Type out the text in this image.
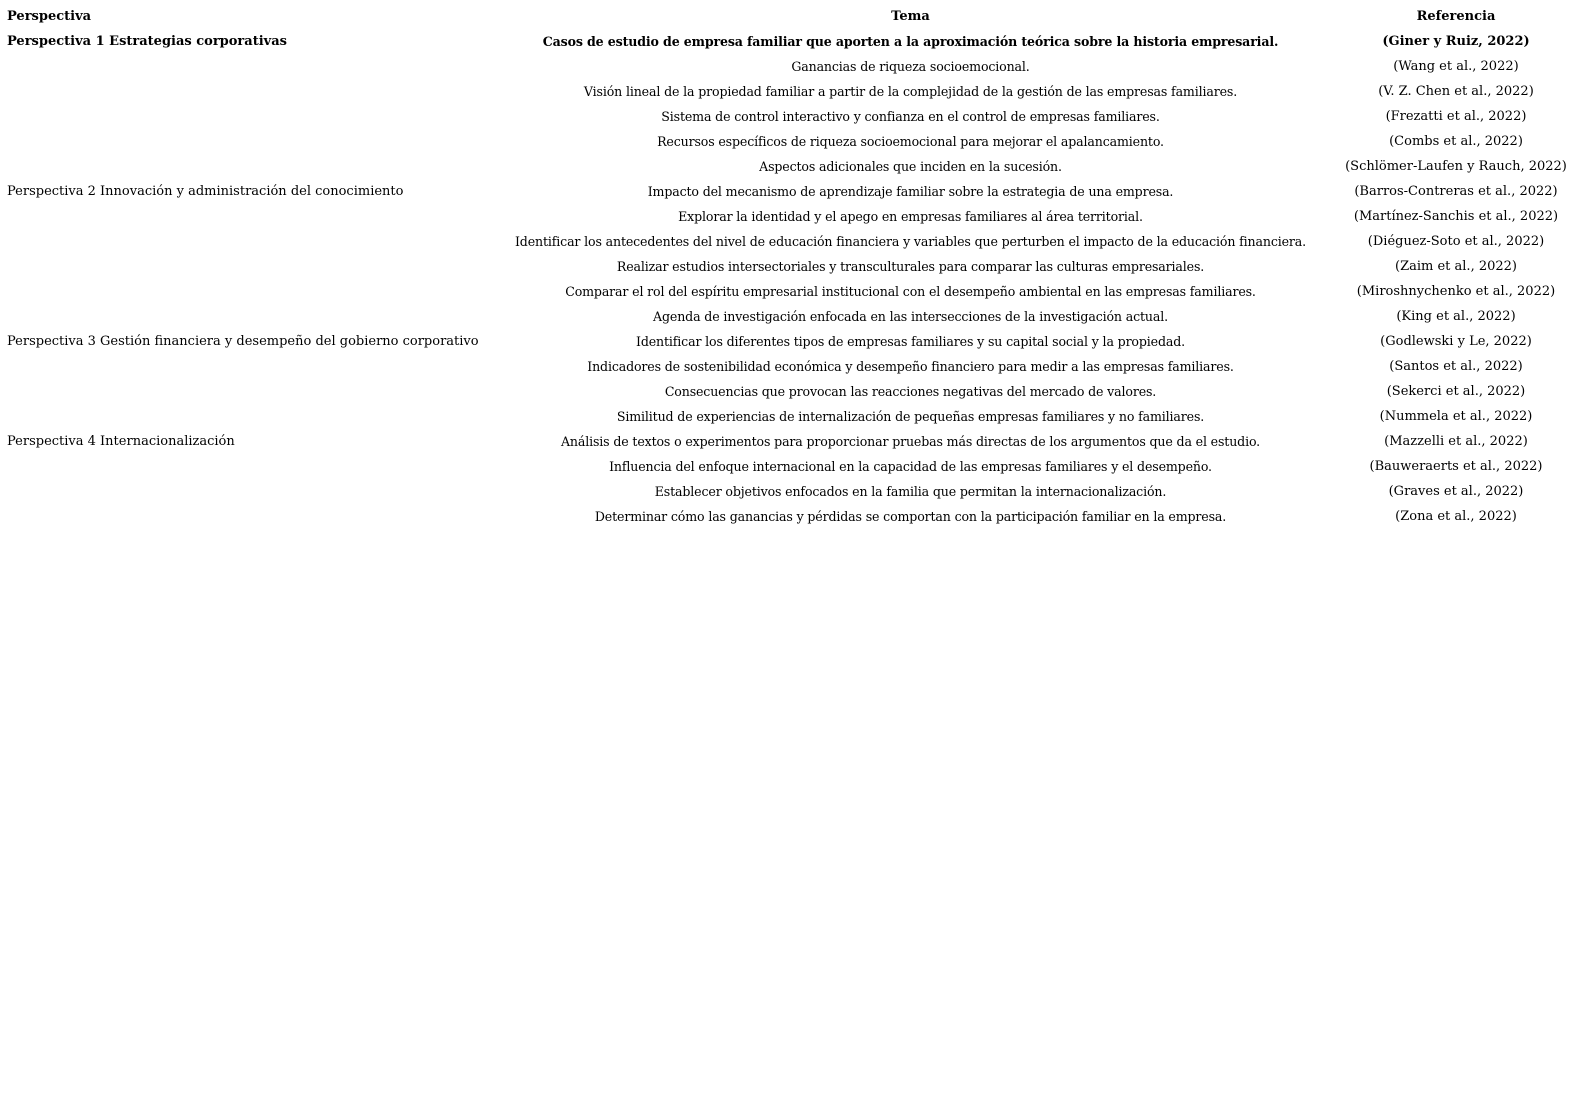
Perspectiva	Tema	Referencia
Perspectiva 1 Estrategias corporativas	Casos de estudio de empresa familiar que aporten a la aproximación teórica sobre la historia empresarial.	(Giner y Ruiz, 2022)
	Ganancias de riqueza socioemocional.	(Wang et al., 2022)
	Visión lineal de la propiedad familiar a partir de la complejidad de la gestión de las empresas familiares.	(V. Z. Chen et al., 2022)
	Sistema de control interactivo y confianza en el control de empresas familiares.	(Frezatti et al., 2022)
	Recursos específicos de riqueza socioemocional para mejorar el apalancamiento.	(Combs et al., 2022)
	Aspectos adicionales que inciden en la sucesión.	(Schlömer-Laufen y Rauch, 2022)
Perspectiva 2 Innovación y administración del conocimiento	Impacto del mecanismo de aprendizaje familiar sobre la estrategia de una empresa.	(Barros-Contreras et al., 2022)
	Explorar la identidad y el apego en empresas familiares al área territorial.	(Martínez-Sanchis et al., 2022)
	Identificar los antecedentes del nivel de educación financiera y variables que perturben el impacto de la educación financiera.	(Diéguez-Soto et al., 2022)
	Realizar estudios intersectoriales y transculturales para comparar las culturas empresariales.	(Zaim et al., 2022)
	Comparar el rol del espíritu empresarial institucional con el desempeño ambiental en las empresas familiares.	(Miroshnychenko et al., 2022)
	Agenda de investigación enfocada en las intersecciones de la investigación actual.	(King et al., 2022)
Perspectiva 3 Gestión financiera y desempeño del gobierno corporativo	Identificar los diferentes tipos de empresas familiares y su capital social y la propiedad.	(Godlewski y Le, 2022)
	Indicadores de sostenibilidad económica y desempeño financiero para medir a las empresas familiares.	(Santos et al., 2022)
	Consecuencias que provocan las reacciones negativas del mercado de valores.	(Sekerci et al., 2022)
	Similitud de experiencias de internalización de pequeñas empresas familiares y no familiares.	(Nummela et al., 2022)
Perspectiva 4 Internacionalización	Análisis de textos o experimentos para proporcionar pruebas más directas de los argumentos que da el estudio.	(Mazzelli et al., 2022)
	Influencia del enfoque internacional en la capacidad de las empresas familiares y el desempeño.	(Bauweraerts et al., 2022)
	Establecer objetivos enfocados en la familia que permitan la internacionalización.	(Graves et al., 2022)
	Determinar cómo las ganancias y pérdidas se comportan con la participación familiar en la empresa.	(Zona et al., 2022)
